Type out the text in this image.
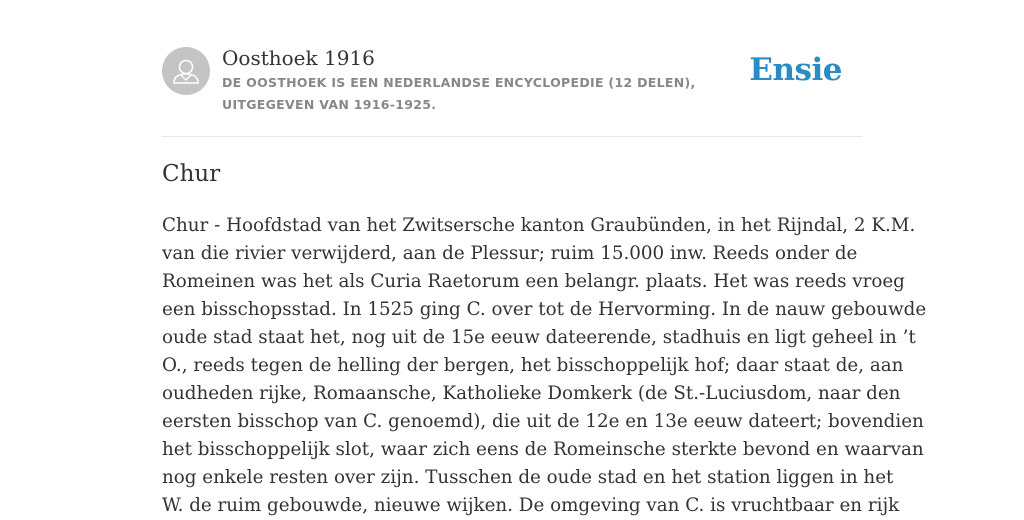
Oosthoek 1916
DE OOSTHOEK IS EEN NEDERLANDSE ENCYCLOPEDIE (12 DELEN), UITGEGEVEN VAN 1916-1925.
Ensie
Chur
Chur - Hoofdstad van het Zwitsersche kanton Graubünden, in het Rijndal, 2 K.M.
van die rivier verwijderd, aan de Plessur; ruim 15.000 inw. Reeds onder de
Romeinen was het als Curia Raetorum een belangr. plaats. Het was reeds vroeg
een bisschopsstad. In 1525 ging C. over tot de Hervorming. In de nauw gebouwde
oude stad staat het, nog uit de 15e eeuw dateerende, stadhuis en ligt geheel in ’t
O., reeds tegen de helling der bergen, het bisschoppelijk hof; daar staat de, aan
oudheden rijke, Romaansche, Katholieke Domkerk (de St.-Luciusdom, naar den
eersten bisschop van C. genoemd), die uit de 12e en 13e eeuw dateert; bovendien
het bisschoppelijk slot, waar zich eens de Romeinsche sterkte bevond en waarvan
nog enkele resten over zijn. Tusschen de oude stad en het station liggen in het
W. de ruim gebouwde, nieuwe wijken. De omgeving van C. is vruchtbaar en rijk
